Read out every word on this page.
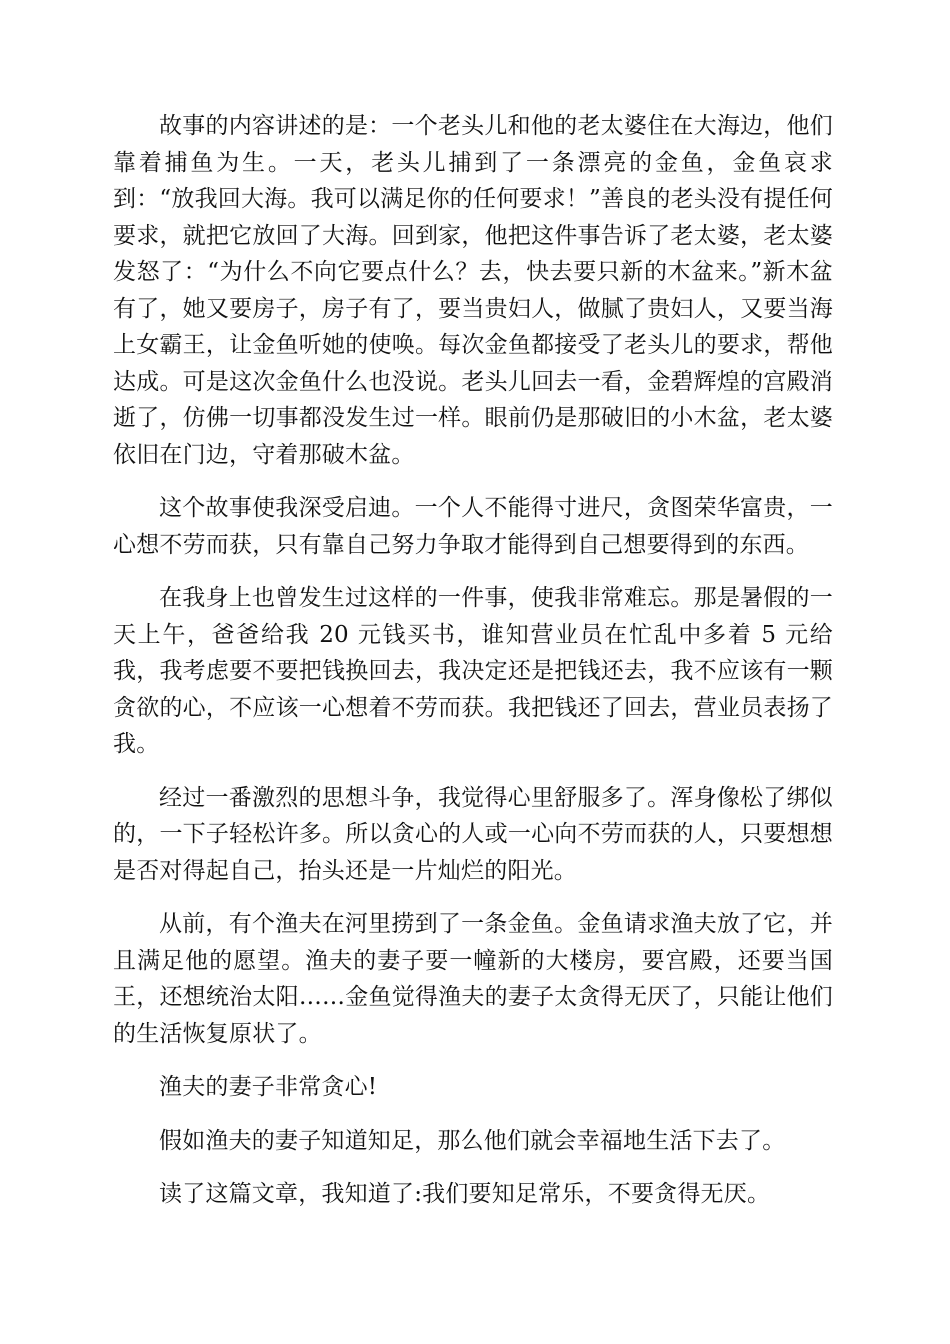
故事的内容讲述的是：一个老头儿和他的老太婆住在大海边，他们靠着捕鱼为生。一天，老头儿捕到了一条漂亮的金鱼，金鱼哀求到：“放我回大海。我可以满足你的任何要求！”善良的老头没有提任何要求，就把它放回了大海。回到家，他把这件事告诉了老太婆，老太婆发怒了：“为什么不向它要点什么？去，快去要只新的木盆来。”新木盆有了，她又要房子，房子有了，要当贵妇人，做腻了贵妇人，又要当海上女霸王，让金鱼听她的使唤。每次金鱼都接受了老头儿的要求，帮他达成。可是这次金鱼什么也没说。老头儿回去一看，金碧辉煌的宫殿消逝了，仿佛一切事都没发生过一样。眼前仍是那破旧的小木盆，老太婆依旧在门边，守着那破木盆。

这个故事使我深受启迪。一个人不能得寸进尺，贪图荣华富贵，一心想不劳而获，只有靠自己努力争取才能得到自己想要得到的东西。

在我身上也曾发生过这样的一件事，使我非常难忘。那是暑假的一天上午，爸爸给我 20 元钱买书，谁知营业员在忙乱中多着 5 元给我，我考虑要不要把钱换回去，我决定还是把钱还去，我不应该有一颗贪欲的心，不应该一心想着不劳而获。我把钱还了回去，营业员表扬了我。

经过一番激烈的思想斗争，我觉得心里舒服多了。浑身像松了绑似的，一下子轻松许多。所以贪心的人或一心向不劳而获的人，只要想想是否对得起自己，抬头还是一片灿烂的阳光。

从前，有个渔夫在河里捞到了一条金鱼。金鱼请求渔夫放了它，并且满足他的愿望。渔夫的妻子要一幢新的大楼房，要宫殿，还要当国王，还想统治太阳……金鱼觉得渔夫的妻子太贪得无厌了，只能让他们的生活恢复原状了。

渔夫的妻子非常贪心!

假如渔夫的妻子知道知足，那么他们就会幸福地生活下去了。

读了这篇文章，我知道了:我们要知足常乐，不要贪得无厌。
